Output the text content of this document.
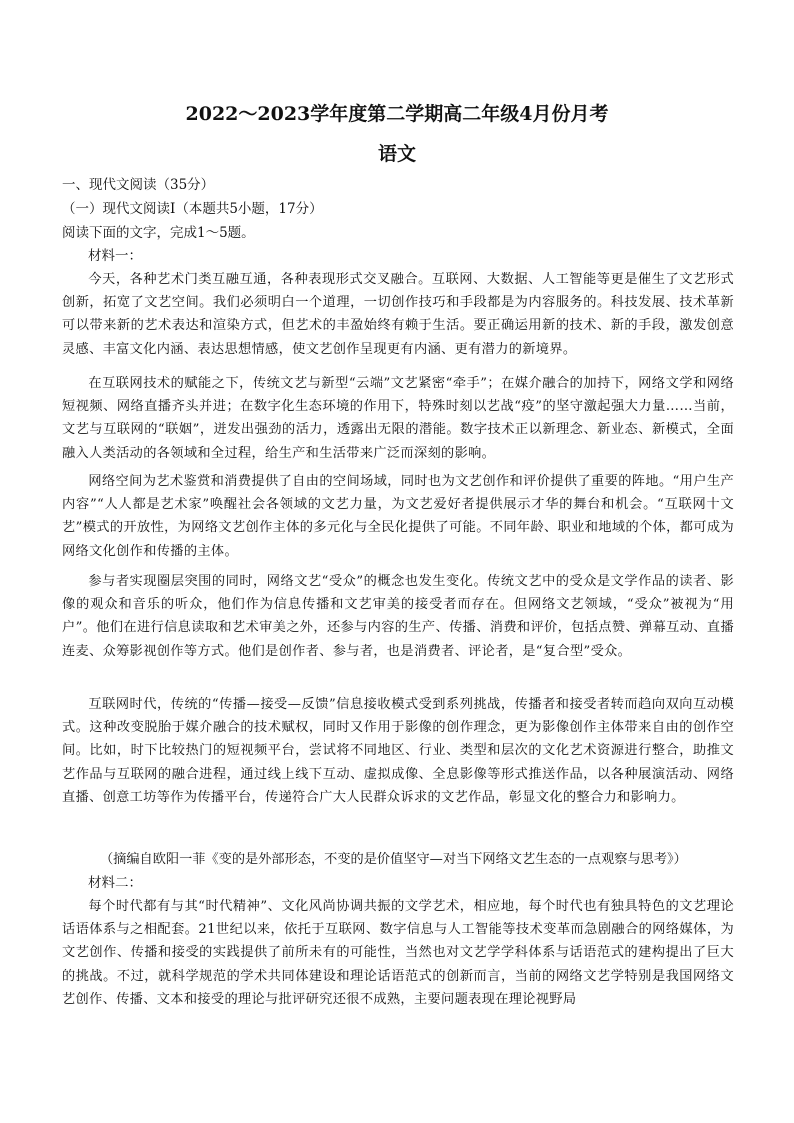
2022～2023学年度第二学期高二年级4月份月考
语文
一、现代文阅读（35分）
（一）现代文阅读Ⅰ（本题共5小题，17分）
阅读下面的文字，完成1～5题。
材料一：
今天，各种艺术门类互融互通，各种表现形式交叉融合。互联网、大数据、人工智能等更是催生了文艺形式创新，拓宽了文艺空间。我们必须明白一个道理，一切创作技巧和手段都是为内容服务的。科技发展、技术革新可以带来新的艺术表达和渲染方式，但艺术的丰盈始终有赖于生活。要正确运用新的技术、新的手段，激发创意灵感、丰富文化内涵、表达思想情感，使文艺创作呈现更有内涵、更有潜力的新境界。
在互联网技术的赋能之下，传统文艺与新型“云端”文艺紧密“牵手”；在媒介融合的加持下，网络文学和网络短视频、网络直播齐头并进；在数字化生态环境的作用下，特殊时刻以艺战“疫”的坚守激起强大力量……当前，文艺与互联网的“联姻”，迸发出强劲的活力，透露出无限的潜能。数字技术正以新理念、新业态、新模式，全面融入人类活动的各领域和全过程，给生产和生活带来广泛而深刻的影响。
网络空间为艺术鉴赏和消费提供了自由的空间场域，同时也为文艺创作和评价提供了重要的阵地。“用户生产内容”“人人都是艺术家”唤醒社会各领域的文艺力量，为文艺爱好者提供展示才华的舞台和机会。“互联网十文艺”模式的开放性，为网络文艺创作主体的多元化与全民化提供了可能。不同年龄、职业和地域的个体，都可成为网络文化创作和传播的主体。
参与者实现圈层突围的同时，网络文艺“受众”的概念也发生变化。传统文艺中的受众是文学作品的读者、影像的观众和音乐的听众，他们作为信息传播和文艺审美的接受者而存在。但网络文艺领域，“受众”被视为“用户”。他们在进行信息读取和艺术审美之外，还参与内容的生产、传播、消费和评价，包括点赞、弹幕互动、直播连麦、众筹影视创作等方式。他们是创作者、参与者，也是消费者、评论者，是“复合型”受众。
互联网时代，传统的“传播—接受—反馈”信息接收模式受到系列挑战，传播者和接受者转而趋向双向互动模式。这种改变脱胎于媒介融合的技术赋权，同时又作用于影像的创作理念，更为影像创作主体带来自由的创作空间。比如，时下比较热门的短视频平台，尝试将不同地区、行业、类型和层次的文化艺术资源进行整合，助推文艺作品与互联网的融合进程，通过线上线下互动、虚拟成像、全息影像等形式推送作品，以各种展演活动、网络直播、创意工坊等作为传播平台，传递符合广大人民群众诉求的文艺作品，彰显文化的整合力和影响力。
（摘编自欧阳一菲《变的是外部形态，不变的是价值坚守—对当下网络文艺生态的一点观察与思考》）
材料二：
每个时代都有与其“时代精神”、文化风尚协调共振的文学艺术，相应地，每个时代也有独具特色的文艺理论话语体系与之相配套。21世纪以来，依托于互联网、数字信息与人工智能等技术变革而急剧融合的网络媒体，为文艺创作、传播和接受的实践提供了前所未有的可能性，当然也对文艺学学科体系与话语范式的建构提出了巨大的挑战。不过，就科学规范的学术共同体建设和理论话语范式的创新而言，当前的网络文艺学特别是我国网络文艺创作、传播、文本和接受的理论与批评研究还很不成熟，主要问题表现在理论视野局
